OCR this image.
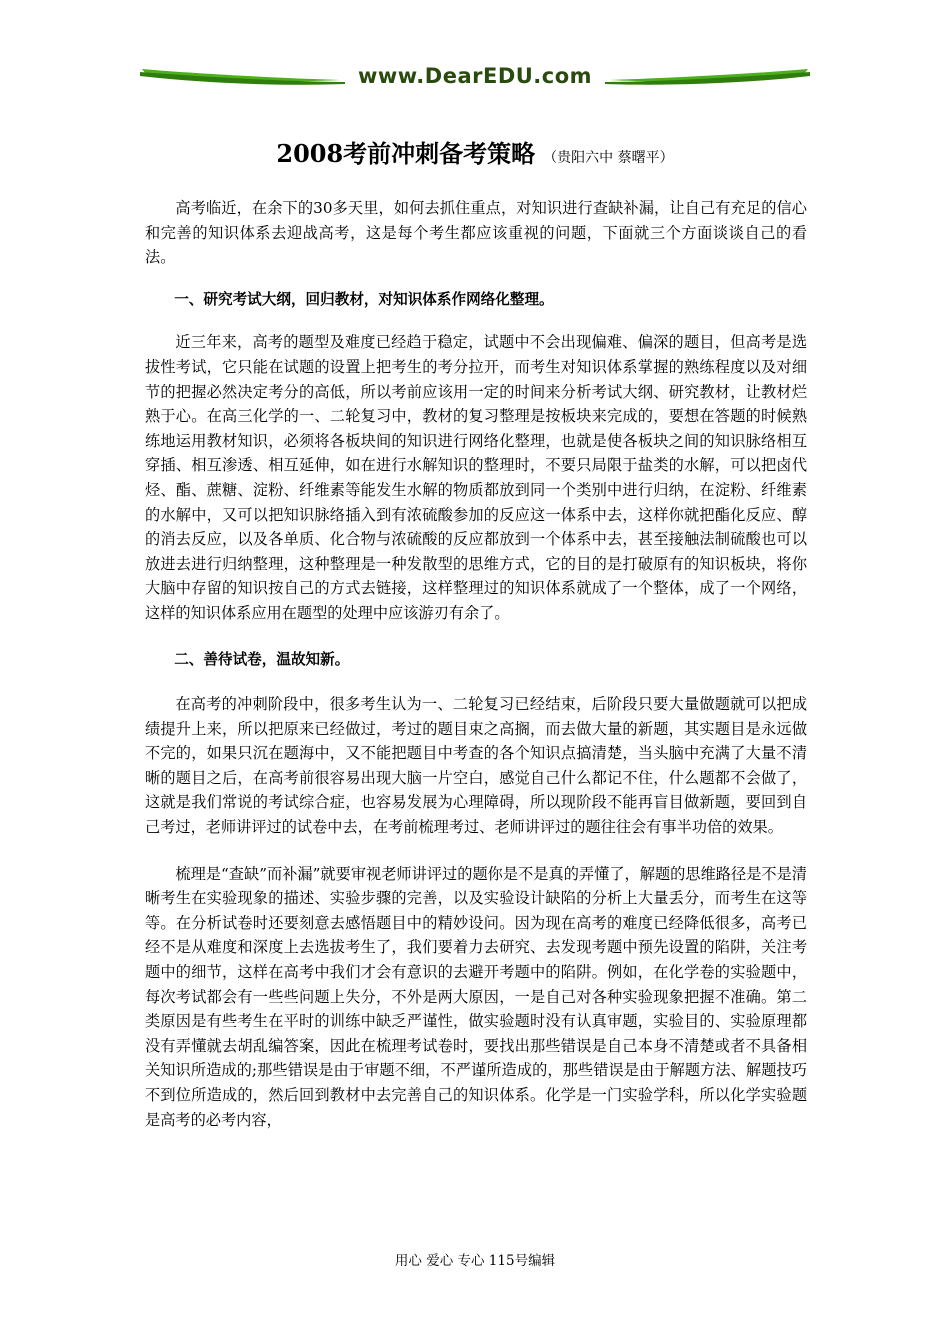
www.DearEDU.com
2008考前冲刺备考策略 （贵阳六中 蔡曙平）

高考临近，在余下的30多天里，如何去抓住重点，对知识进行查缺补漏，让自己有充足的信心和完善的知识体系去迎战高考，这是每个考生都应该重视的问题，下面就三个方面谈谈自己的看法。

一、研究考试大纲，回归教材，对知识体系作网络化整理。

近三年来，高考的题型及难度已经趋于稳定，试题中不会出现偏难、偏深的题目，但高考是选拔性考试，它只能在试题的设置上把考生的考分拉开，而考生对知识体系掌握的熟练程度以及对细节的把握必然决定考分的高低，所以考前应该用一定的时间来分析考试大纲、研究教材，让教材烂熟于心。在高三化学的一、二轮复习中，教材的复习整理是按板块来完成的，要想在答题的时候熟练地运用教材知识，必须将各板块间的知识进行网络化整理，也就是使各板块之间的知识脉络相互穿插、相互渗透、相互延伸，如在进行水解知识的整理时，不要只局限于盐类的水解，可以把卤代烃、酯、蔗糖、淀粉、纤维素等能发生水解的物质都放到同一个类别中进行归纳，在淀粉、纤维素的水解中，又可以把知识脉络插入到有浓硫酸参加的反应这一体系中去，这样你就把酯化反应、醇的消去反应，以及各单质、化合物与浓硫酸的反应都放到一个体系中去，甚至接触法制硫酸也可以放进去进行归纳整理，这种整理是一种发散型的思维方式，它的目的是打破原有的知识板块，将你大脑中存留的知识按自己的方式去链接，这样整理过的知识体系就成了一个整体，成了一个网络，这样的知识体系应用在题型的处理中应该游刃有余了。

二、善待试卷，温故知新。

在高考的冲刺阶段中，很多考生认为一、二轮复习已经结束，后阶段只要大量做题就可以把成绩提升上来，所以把原来已经做过，考过的题目束之高搁，而去做大量的新题，其实题目是永远做不完的，如果只沉在题海中，又不能把题目中考查的各个知识点搞清楚，当头脑中充满了大量不清晰的题目之后，在高考前很容易出现大脑一片空白，感觉自己什么都记不住，什么题都不会做了，这就是我们常说的考试综合症，也容易发展为心理障碍，所以现阶段不能再盲目做新题，要回到自己考过，老师讲评过的试卷中去，在考前梳理考过、老师讲评过的题往往会有事半功倍的效果。

梳理是“查缺”而补漏”就要审视老师讲评过的题你是不是真的弄懂了，解题的思维路径是不是清晰考生在实验现象的描述、实验步骤的完善，以及实验设计缺陷的分析上大量丢分，而考生在这等等。在分析试卷时还要刻意去感悟题目中的精妙设问。因为现在高考的难度已经降低很多，高考已经不是从难度和深度上去选拔考生了，我们要着力去研究、去发现考题中预先设置的陷阱，关注考题中的细节，这样在高考中我们才会有意识的去避开考题中的陷阱。例如，在化学卷的实验题中，每次考试都会有一些些问题上失分，不外是两大原因，一是自己对各种实验现象把握不准确。第二类原因是有些考生在平时的训练中缺乏严谨性，做实验题时没有认真审题，实验目的、实验原理都没有弄懂就去胡乱编答案，因此在梳理考试卷时，要找出那些错误是自己本身不清楚或者不具备相关知识所造成的;那些错误是由于审题不细，不严谨所造成的，那些错误是由于解题方法、解题技巧不到位所造成的，然后回到教材中去完善自己的知识体系。化学是一门实验学科，所以化学实验题是高考的必考内容，

用心 爱心 专心 115号编辑
